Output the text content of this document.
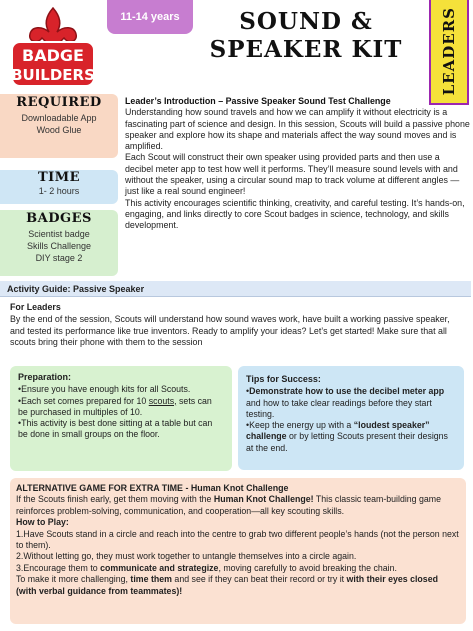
BADGE
BUILDERS
11-14 years	SOUND &
SPEAKER KIT	LEADERS
REQUIRED
Downloadable App
Wood Glue
TIME
1- 2 hours
BADGES
Scientist badge
Skills Challenge
DIY stage 2
Leader’s Introduction – Passive Speaker Sound Test Challenge

Understanding how sound travels and how we can amplify it without electricity is a fascinating part of science and design. In this session, Scouts will build a passive phone speaker and explore how its shape and materials affect the way sound moves and is amplified.

Each Scout will construct their own speaker using provided parts and then use a decibel meter app to test how well it performs. They’ll measure sound levels with and without the speaker, using a circular sound map to track volume at different angles — just like a real sound engineer!

This activity encourages scientific thinking, creativity, and careful testing. It’s hands-on, engaging, and links directly to core Scout badges in science, technology, and skills development.

Activity Guide: Passive Speaker
For Leaders

By the end of the session, Scouts will understand how sound waves work, have built a working passive speaker, and tested its performance like true inventors. Ready to amplify your ideas? Let’s get started! Make sure that all scouts bring their phone with them to the session

Preparation:
• Ensure you have enough kits for all Scouts.
• Each set comes prepared for 10 scouts, sets can be purchased in multiples of 10.
• This activity is best done sitting at a table but can be done in small groups on the floor.
Tips for Success:
• Demonstrate how to use the decibel meter app and how to take clear readings before they start testing.
• Keep the energy up with a “loudest speaker” challenge or by letting Scouts present their designs at the end.
ALTERNATIVE GAME FOR EXTRA TIME - Human Knot Challenge

If the Scouts finish early, get them moving with the Human Knot Challenge! This classic team-building game reinforces problem-solving, communication, and cooperation—all key scouting skills.

How to Play:
1.Have Scouts stand in a circle and reach into the centre to grab two different people’s hands (not the person next to them).
2.Without letting go, they must work together to untangle themselves into a circle again.
3.Encourage them to communicate and strategize, moving carefully to avoid breaking the chain.
To make it more challenging, time them and see if they can beat their record or try it with their eyes closed (with verbal guidance from teammates)!
